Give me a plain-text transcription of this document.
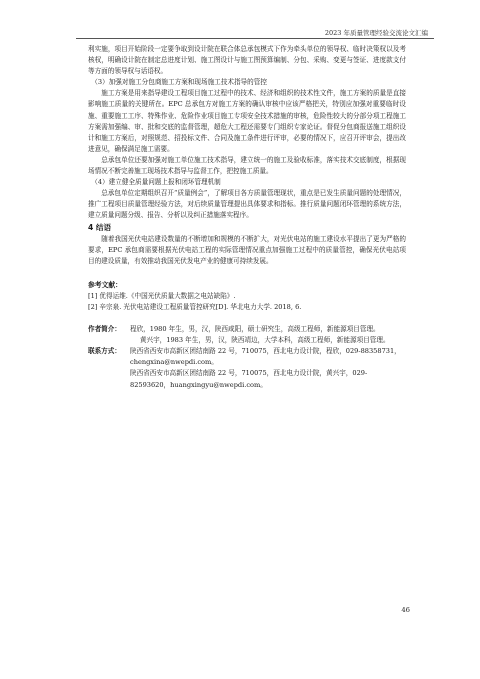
2023 年质量管理经验交流论文汇编

利实施，项目开始阶段一定要争取到设计院在联合体总承包模式下作为牵头单位的领导权、临时决策权以及考核权，明确设计院在制定总进度计划、施工图设计与施工图预算编制、分包、采购、变更与签证、进度款支付等方面的领导权与话语权。

（3）加强对施工分包商施工方案和现场施工技术指导的管控

施工方案是用来指导建设工程项目施工过程中的技术、经济和组织的技术性文件，施工方案的质量是直接影响施工质量的关键所在。EPC 总承包方对施工方案的确认审核中应该严格把关，特别应加强对重要临时设施、重要施工工序、特殊作业、危险作业项目施工专项安全技术措施的审核，危险性较大的分部分项工程施工方案需加强编、审、批和交底的监督管理，超危大工程还需要专门组织专家论证。督促分包商报送施工组织设计和施工方案后，对照规范、招投标文件、合同及施工条件进行评审，必要的情况下，应召开评审会，提出改进意见，确保满足施工需要。

总承包单位还要加强对施工单位施工技术指导，建立统一的施工及验收标准，落实技术交底制度，根据现场情况不断完善施工现场技术指导与监督工作，把控施工质量。

（4）建立健全质量问题上报和闭环管理机制

总承包单位定期组织召开“质量例会”，了解项目各方质量管理现状，重点是已发生质量问题的处理情况，推广工程项目质量管理经验方法，对后续质量管理提出具体要求和指标。推行质量问题闭环管理的系统方法，建立质量问题分级、报告、分析以及纠正措施落实程序。

4 结语

随着我国光伏电站建设数量的不断增加和规模的不断扩大，对光伏电站的施工建设水平提出了更为严格的要求，EPC 承包商需要根据光伏电站工程的实际管理情况重点加强施工过程中的质量管控，确保光伏电站项目的建设质量，有效推动我国光伏发电产业的健康可持续发展。

参考文献：

[1] 优得运维.《中国光伏质量大数据之电站缺陷》.

[2] 辛宗泉. 光伏电站建设工程质量管控研究[D]. 华北电力大学. 2018, 6.

作者简介：	程欣，1980 年生，男，汉，陕西咸阳，硕士研究生，高级工程师，新能源项目管理。

黄兴宇，1983 年生，男，汉，陕西靖边，大学本科，高级工程师，新能源项目管理。

联系方式：	陕西省西安市高新区团结南路 22 号，710075，西北电力设计院，程欣，029-88358731，chengxina@nwepdi.com。

陕西省西安市高新区团结南路 22 号，710075，西北电力设计院，黄兴宇，029-82593620，huangxingyu@nwepdi.com。

46
